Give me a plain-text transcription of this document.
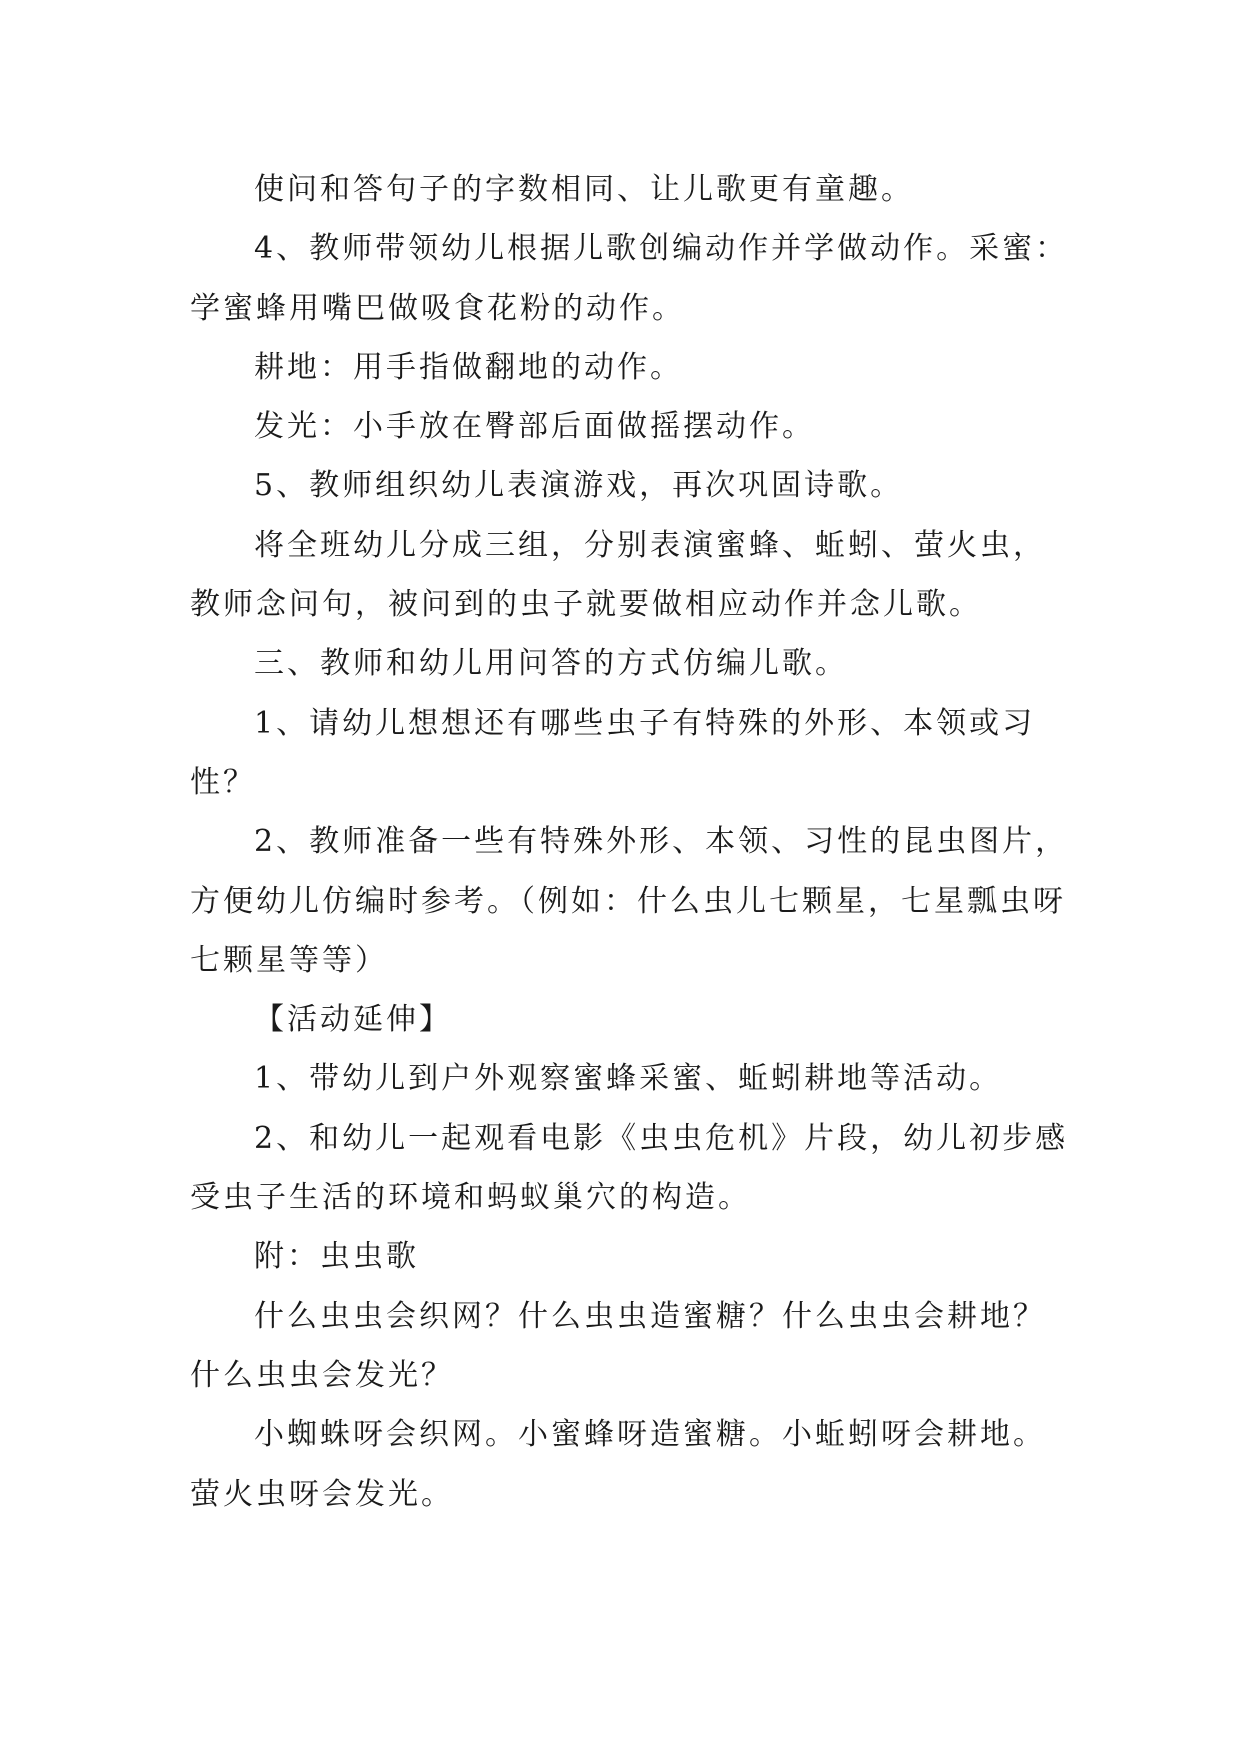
使问和答句子的字数相同、让儿歌更有童趣。

4、教师带领幼儿根据儿歌创编动作并学做动作。采蜜：学蜜蜂用嘴巴做吸食花粉的动作。

耕地：用手指做翻地的动作。

发光：小手放在臀部后面做摇摆动作。

5、教师组织幼儿表演游戏，再次巩固诗歌。

将全班幼儿分成三组，分别表演蜜蜂、蚯蚓、萤火虫，教师念问句，被问到的虫子就要做相应动作并念儿歌。

三、教师和幼儿用问答的方式仿编儿歌。

1、请幼儿想想还有哪些虫子有特殊的外形、本领或习性？

2、教师准备一些有特殊外形、本领、习性的昆虫图片，方便幼儿仿编时参考。（例如：什么虫儿七颗星，七星瓢虫呀七颗星等等）

【活动延伸】

1、带幼儿到户外观察蜜蜂采蜜、蚯蚓耕地等活动。

2、和幼儿一起观看电影《虫虫危机》片段，幼儿初步感受虫子生活的环境和蚂蚁巢穴的构造。

附：虫虫歌

什么虫虫会织网？什么虫虫造蜜糖？什么虫虫会耕地？什么虫虫会发光？

小蜘蛛呀会织网。小蜜蜂呀造蜜糖。小蚯蚓呀会耕地。萤火虫呀会发光。
